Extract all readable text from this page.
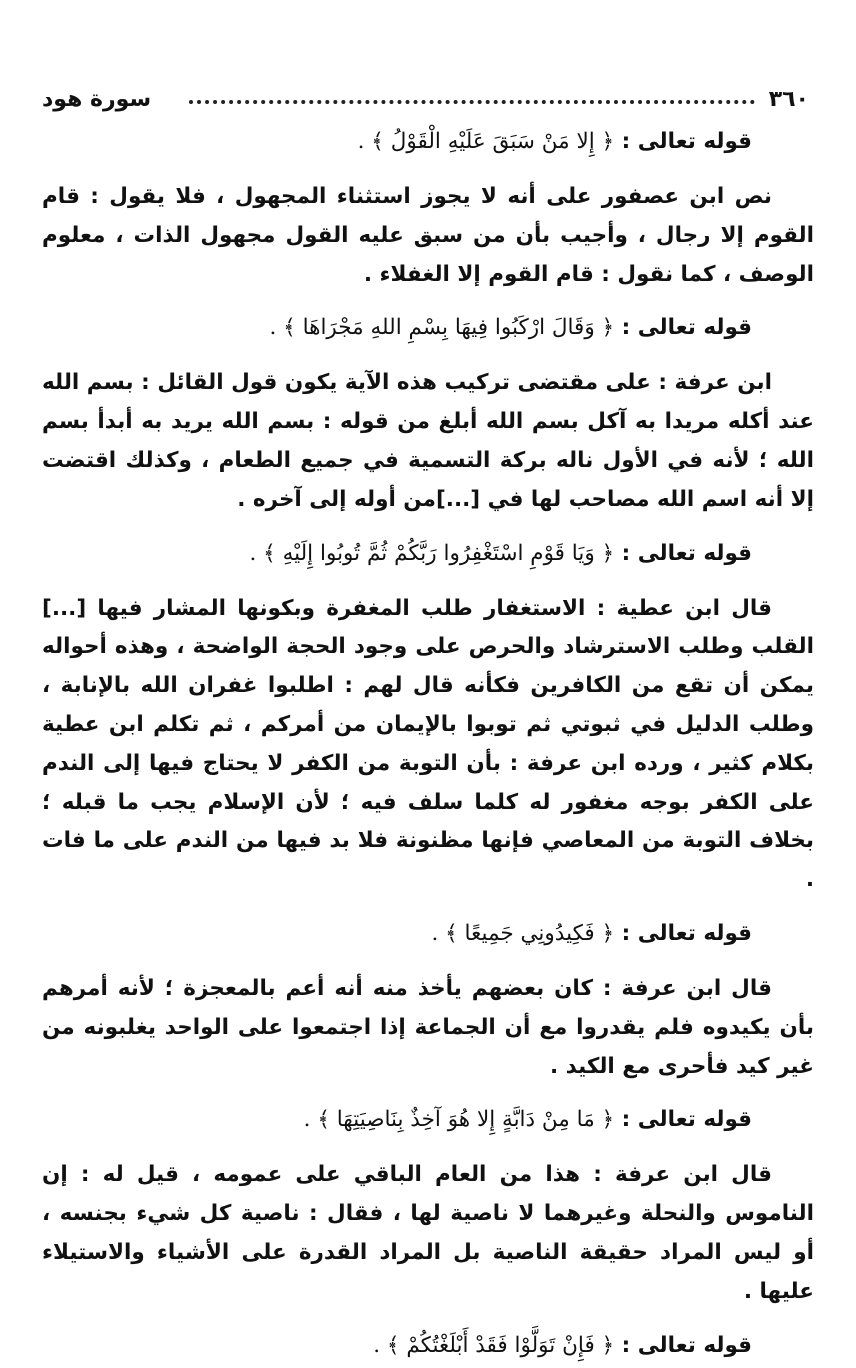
٣٦٠
سورة هود

قوله تعالى : ﴿ إِلا مَنْ سَبَقَ عَلَيْهِ الْقَوْلُ ﴾ .

نص ابن عصفور على أنه لا يجوز استثناء المجهول ، فلا يقول : قام القوم إلا رجال ، وأجيب بأن من سبق عليه القول مجهول الذات ، معلوم الوصف ، كما نقول : قام القوم إلا الغفلاء .

قوله تعالى : ﴿ وَقَالَ ارْكَبُوا فِيهَا بِسْمِ اللهِ مَجْرَاهَا ﴾ .

ابن عرفة : على مقتضى تركيب هذه الآية يكون قول القائل : بسم الله عند أكله مريدا به آكل بسم الله أبلغ من قوله : بسم الله يريد به أبدأ بسم الله ؛ لأنه في الأول ناله بركة التسمية في جميع الطعام ، وكذلك اقتضت إلا أنه اسم الله مصاحب لها في [...]من أوله إلى آخره .

قوله تعالى : ﴿ وَيَا قَوْمِ اسْتَغْفِرُوا رَبَّكُمْ ثُمَّ تُوبُوا إِلَيْهِ ﴾ .

قال ابن عطية : الاستغفار طلب المغفرة وبكونها المشار فيها [...] القلب وطلب الاسترشاد والحرص على وجود الحجة الواضحة ، وهذه أحواله يمكن أن تقع من الكافرين فكأنه قال لهم : اطلبوا غفران الله بالإنابة ، وطلب الدليل في ثبوتي ثم توبوا بالإيمان من أمركم ، ثم تكلم ابن عطية بكلام كثير ، ورده ابن عرفة : بأن التوبة من الكفر لا يحتاج فيها إلى الندم على الكفر بوجه مغفور له كلما سلف فيه ؛ لأن الإسلام يجب ما قبله ؛ بخلاف التوبة من المعاصي فإنها مظنونة فلا بد فيها من الندم على ما فات .

قوله تعالى : ﴿ فَكِيدُونِي جَمِيعًا ﴾ .

قال ابن عرفة : كان بعضهم يأخذ منه أنه أعم بالمعجزة ؛ لأنه أمرهم بأن يكيدوه فلم يقدروا مع أن الجماعة إذا اجتمعوا على الواحد يغلبونه من غير كيد فأحرى مع الكيد .

قوله تعالى : ﴿ مَا مِنْ دَابَّةٍ إِلا هُوَ آخِذٌ بِنَاصِيَتِهَا ﴾ .

قال ابن عرفة : هذا من العام الباقي على عمومه ، قيل له : إن الناموس والنحلة وغيرهما لا ناصية لها ، فقال : ناصية كل شيء بجنسه ، أو ليس المراد حقيقة الناصية بل المراد القدرة على الأشياء والاستيلاء عليها .

قوله تعالى : ﴿ فَإِنْ تَوَلَّوْا فَقَدْ أَبْلَغْتُكُمْ ﴾ .
